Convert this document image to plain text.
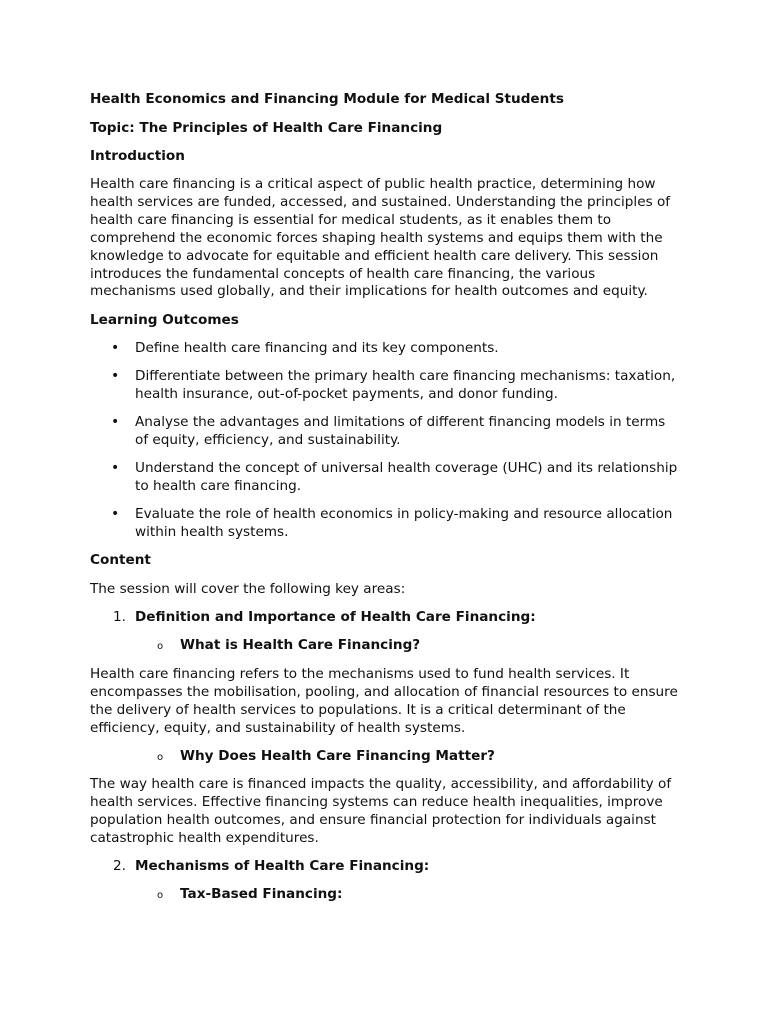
Health Economics and Financing Module for Medical Students

Topic: The Principles of Health Care Financing

Introduction

Health care financing is a critical aspect of public health practice, determining how health services are funded, accessed, and sustained. Understanding the principles of health care financing is essential for medical students, as it enables them to comprehend the economic forces shaping health systems and equips them with the knowledge to advocate for equitable and efficient health care delivery. This session introduces the fundamental concepts of health care financing, the various mechanisms used globally, and their implications for health outcomes and equity.

Learning Outcomes

• Define health care financing and its key components.

• Differentiate between the primary health care financing mechanisms: taxation, health insurance, out-of-pocket payments, and donor funding.

• Analyse the advantages and limitations of different financing models in terms of equity, efficiency, and sustainability.

• Understand the concept of universal health coverage (UHC) and its relationship to health care financing.

• Evaluate the role of health economics in policy-making and resource allocation within health systems.

Content

The session will cover the following key areas:

1. Definition and Importance of Health Care Financing:
o What is Health Care Financing?

Health care financing refers to the mechanisms used to fund health services. It encompasses the mobilisation, pooling, and allocation of financial resources to ensure the delivery of health services to populations. It is a critical determinant of the efficiency, equity, and sustainability of health systems.

o Why Does Health Care Financing Matter?

The way health care is financed impacts the quality, accessibility, and affordability of health services. Effective financing systems can reduce health inequalities, improve population health outcomes, and ensure financial protection for individuals against catastrophic health expenditures.

2. Mechanisms of Health Care Financing:
o Tax-Based Financing:
